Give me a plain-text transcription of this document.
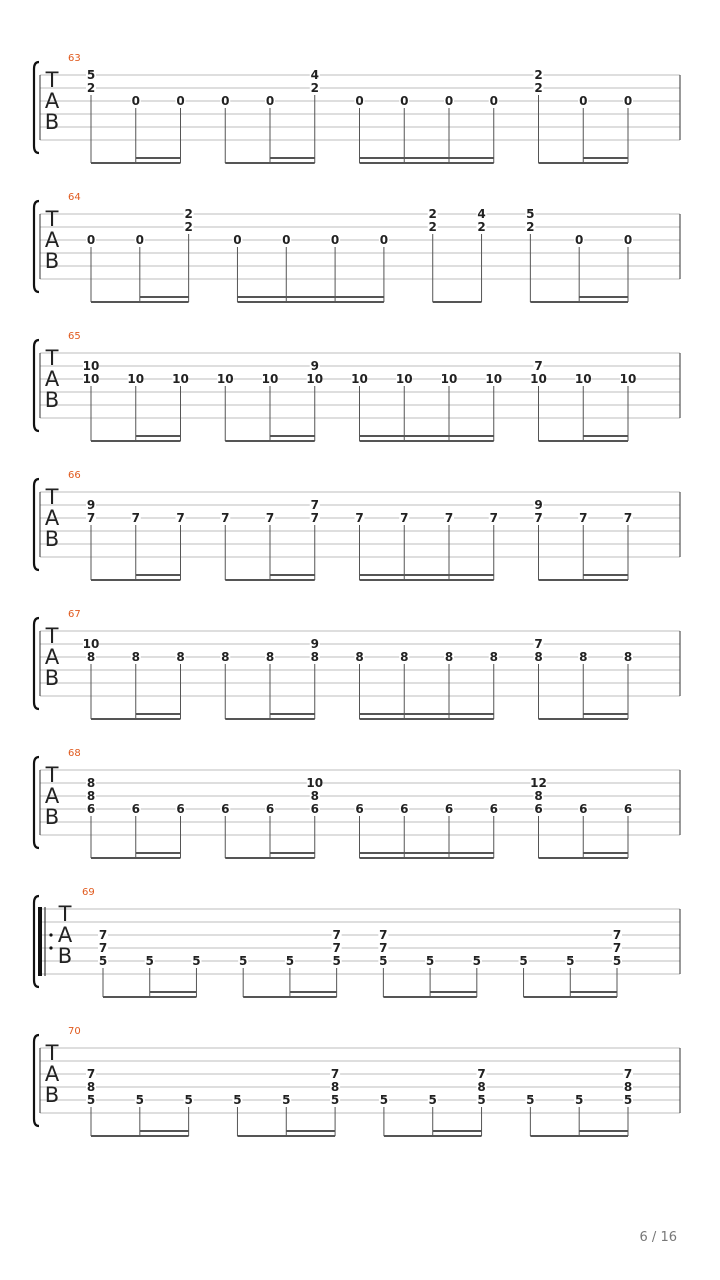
T
A
B
63
5
2
0	0	0	0
4
2
0	0	0	0
2
2
0	0
T
A
B
64
0	0
2
2
0	0	0	0
2
2
4
2
5
2
0	0
T
A
B
65
10
10 10 10 10 10
9
10 10 10 10 10
7
10 10 10
T
A
B
66
9
7	7	7	7	7
7
7	7	7	7	7
9
7	7	7
T
A
B
67
10
8	8	8	8	8
9
8	8	8	8	8
7
8	8	8
T
A
B
68
8
8
6	6	6	6	6
10
8
6	6	6	6	6
12
8
6	6	6
T
A
B
69
7
7
5	5	5	5	5
7
7
5
7
7
5	5	5	5	5
7
7
5
T
A
B
70
7
8
5	5	5	5	5
7
8
5	5	5
7
8
5	5	5
7
8
5
6 / 16
